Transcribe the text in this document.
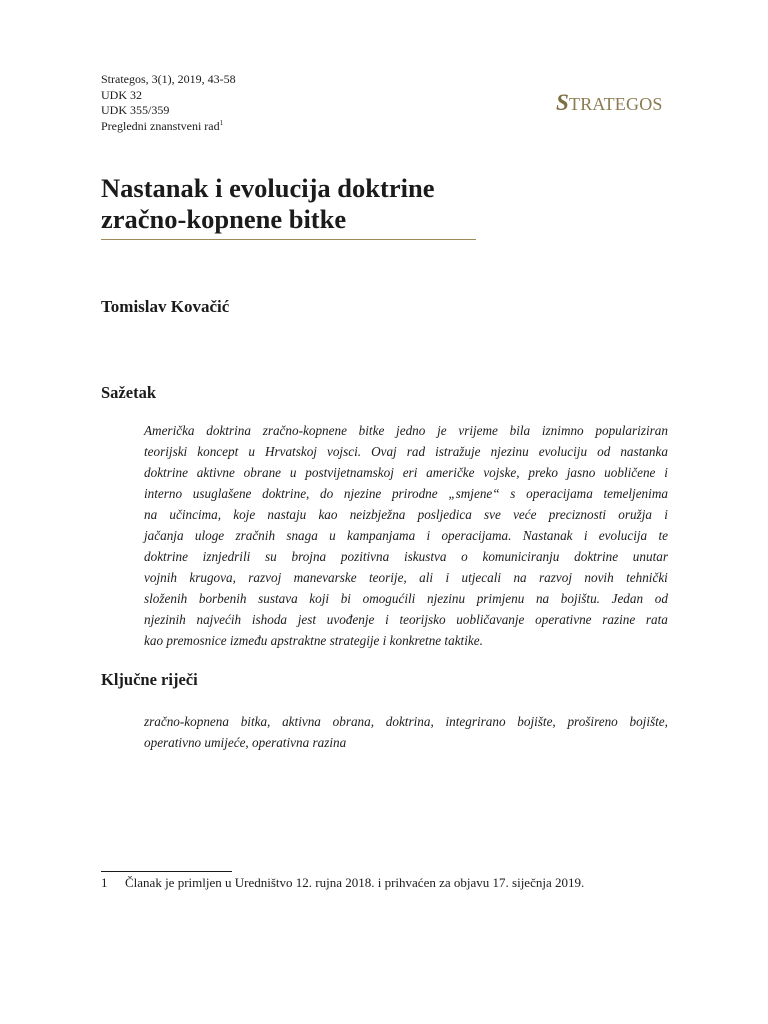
Strategos, 3(1), 2019, 43-58
UDK 32
UDK 355/359
Pregledni znanstveni rad$^1$
STRATEGOS
Nastanak i evolucija doktrine
zračno-kopnene bitke
Tomislav Kovačić
Sažetak
Američka doktrina zračno-kopnene bitke jedno je vrijeme bila iznimno populariziran
teorijski koncept u Hrvatskoj vojsci. Ovaj rad istražuje njezinu evoluciju od nastanka
doktrine aktivne obrane u postvijetnamskoj eri američke vojske, preko jasno uobličene i
interno usuglašene doktrine, do njezine prirodne „smjene“ s operacijama temeljenima
na učincima, koje nastaju kao neizbježna posljedica sve veće preciznosti oružja i
jačanja uloge zračnih snaga u kampanjama i operacijama. Nastanak i evolucija te
doktrine iznjedrili su brojna pozitivna iskustva o komuniciranju doktrine unutar
vojnih krugova, razvoj manevarske teorije, ali i utjecali na razvoj novih tehnički
složenih borbenih sustava koji bi omogućili njezinu primjenu na bojištu. Jedan od
njezinih najvećih ishoda jest uvođenje i teorijsko uobličavanje operativne razine rata
kao premosnice između apstraktne strategije i konkretne taktike.
Ključne riječi
zračno-kopnena bitka, aktivna obrana, doktrina, integrirano bojište, prošireno bojište,
operativno umijeće, operativna razina
1 Članak je primljen u Uredništvo 12. rujna 2018. i prihvaćen za objavu 17. siječnja 2019.
